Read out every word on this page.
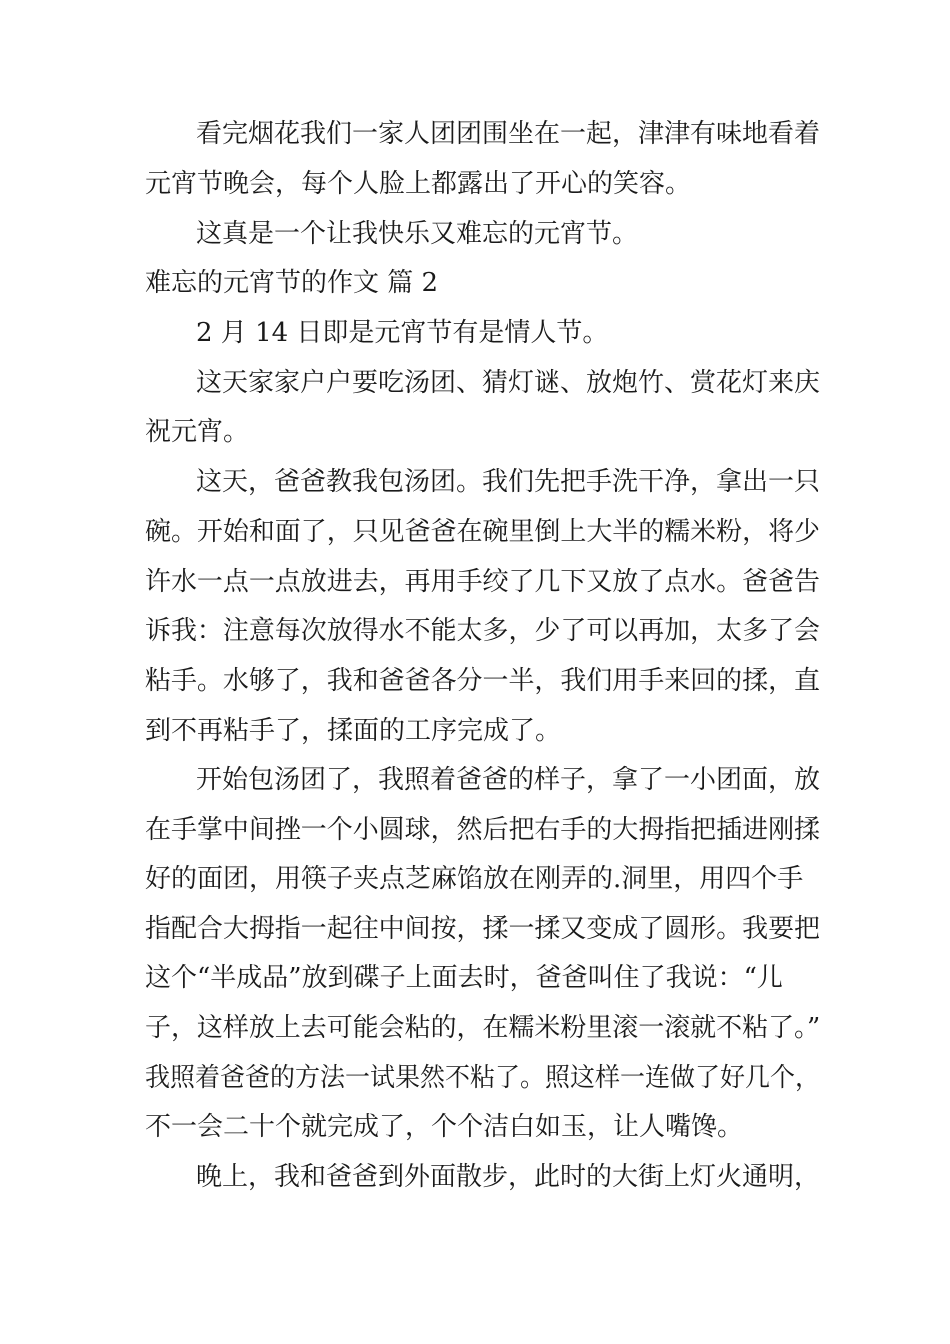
看完烟花我们一家人团团围坐在一起，津津有味地看着
元宵节晚会，每个人脸上都露出了开心的笑容。
这真是一个让我快乐又难忘的元宵节。
难忘的元宵节的作文 篇 2
2 月 14 日即是元宵节有是情人节。
这天家家户户要吃汤团、猜灯谜、放炮竹、赏花灯来庆
祝元宵。
这天，爸爸教我包汤团。我们先把手洗干净，拿出一只
碗。开始和面了，只见爸爸在碗里倒上大半的糯米粉，将少
许水一点一点放进去，再用手绞了几下又放了点水。爸爸告
诉我：注意每次放得水不能太多，少了可以再加，太多了会
粘手。水够了，我和爸爸各分一半，我们用手来回的揉，直
到不再粘手了，揉面的工序完成了。
开始包汤团了，我照着爸爸的样子，拿了一小团面，放
在手掌中间挫一个小圆球，然后把右手的大拇指把插进刚揉
好的面团，用筷子夹点芝麻馅放在刚弄的.洞里，用四个手
指配合大拇指一起往中间按，揉一揉又变成了圆形。我要把
这个“半成品”放到碟子上面去时，爸爸叫住了我说：“儿
子，这样放上去可能会粘的，在糯米粉里滚一滚就不粘了。”
我照着爸爸的方法一试果然不粘了。照这样一连做了好几个，
不一会二十个就完成了，个个洁白如玉，让人嘴馋。
晚上，我和爸爸到外面散步，此时的大街上灯火通明，
